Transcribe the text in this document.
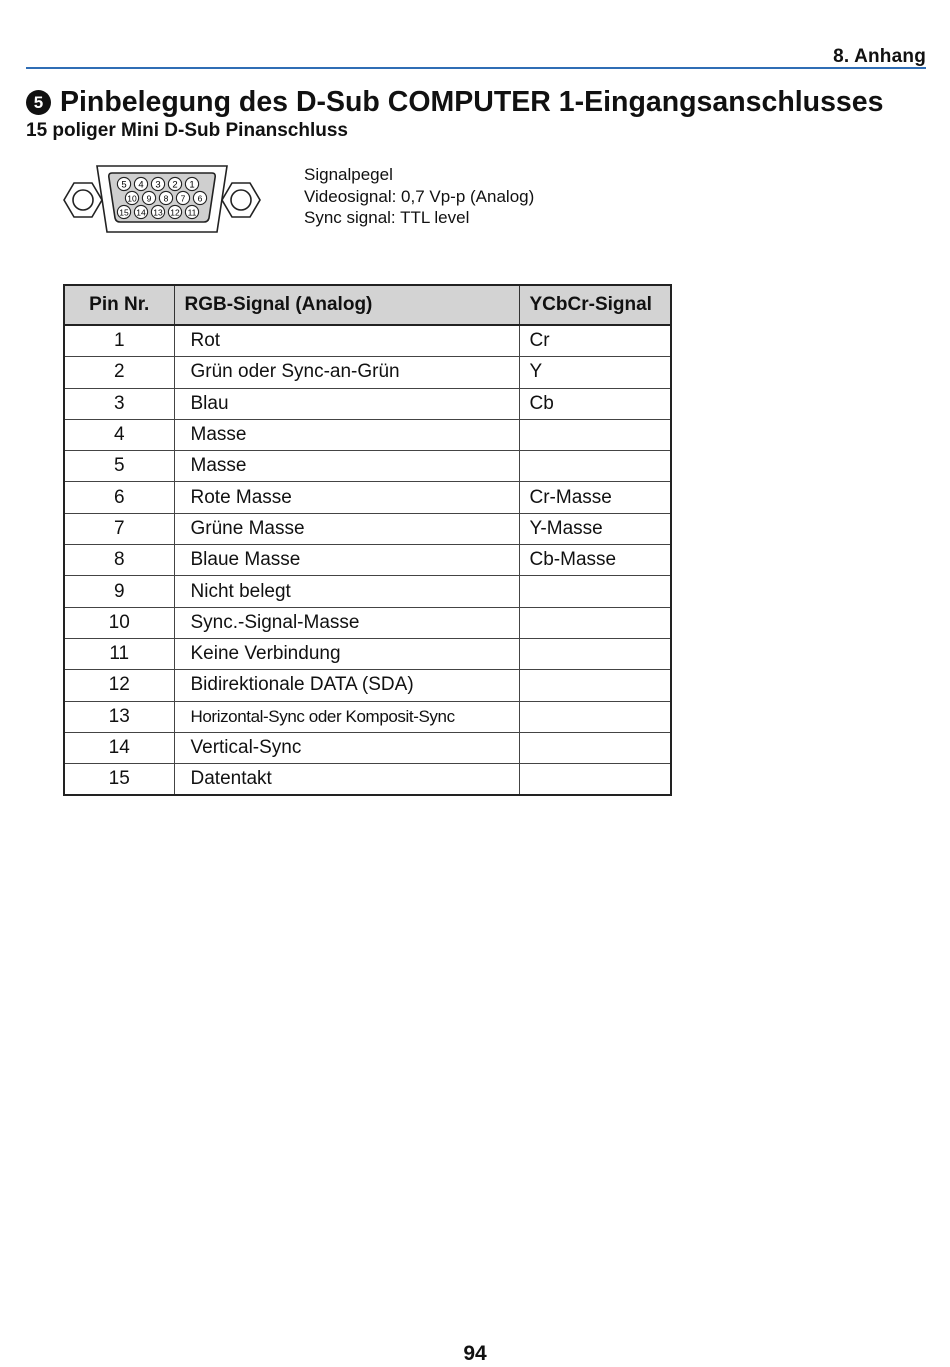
8. Anhang
5 Pinbelegung des D-Sub COMPUTER 1-Eingangsanschlusses
15 poliger Mini D-Sub Pinanschluss
5 4 3 2 1
10 9 8 7 6
15 14 13 12 11
Signalpegel
Videosignal: 0,7 Vp-p (Analog)
Sync signal: TTL level
Pin Nr.	RGB-Signal (Analog)	YCbCr-Signal
1	Rot	Cr
2	Grün oder Sync-an-Grün	Y
3	Blau	Cb
4	Masse	
5	Masse	
6	Rote Masse	Cr-Masse
7	Grüne Masse	Y-Masse
8	Blaue Masse	Cb-Masse
9	Nicht belegt	
10	Sync.-Signal-Masse	
11	Keine Verbindung	
12	Bidirektionale DATA (SDA)	
13	Horizontal-Sync oder Komposit-Sync	
14	Vertical-Sync	
15	Datentakt	
94
